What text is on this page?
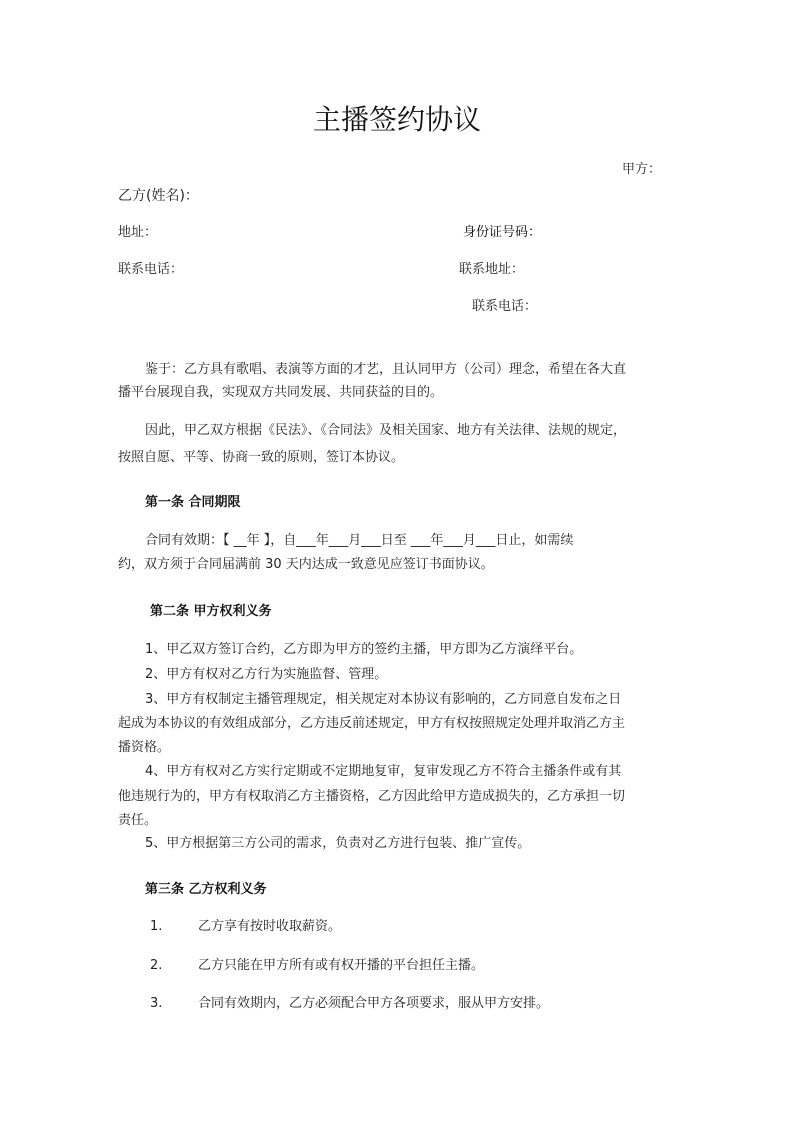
主播签约协议
甲方：
乙方(姓名)：
地址：	身份证号码：
联系电话：	联系地址：
联系电话：
鉴于：乙方具有歌唱、表演等方面的才艺，且认同甲方（公司）理念，希望在各大直
播平台展现自我，实现双方共同发展、共同获益的目的。
因此，甲乙双方根据《民法》、《合同法》及相关国家、地方有关法律、法规的规定，
按照自愿、平等、协商一致的原则，签订本协议。
第一条 合同期限
合同有效期：【 __年 】，自___年___月___日至 ___年___月___日止，如需续
约，双方须于合同届满前 30 天内达成一致意见应签订书面协议。
第二条 甲方权利义务
1、甲乙双方签订合约，乙方即为甲方的签约主播，甲方即为乙方演绎平台。
2、甲方有权对乙方行为实施监督、管理。
3、甲方有权制定主播管理规定，相关规定对本协议有影响的，乙方同意自发布之日
起成为本协议的有效组成部分，乙方违反前述规定，甲方有权按照规定处理并取消乙方主
播资格。
4、甲方有权对乙方实行定期或不定期地复审，复审发现乙方不符合主播条件或有其
他违规行为的，甲方有权取消乙方主播资格，乙方因此给甲方造成损失的，乙方承担一切
责任。
5、甲方根据第三方公司的需求，负责对乙方进行包装、推广宣传。
第三条 乙方权利义务
1.	乙方享有按时收取薪资。
2.	乙方只能在甲方所有或有权开播的平台担任主播。
3.	合同有效期内，乙方必须配合甲方各项要求，服从甲方安排。
